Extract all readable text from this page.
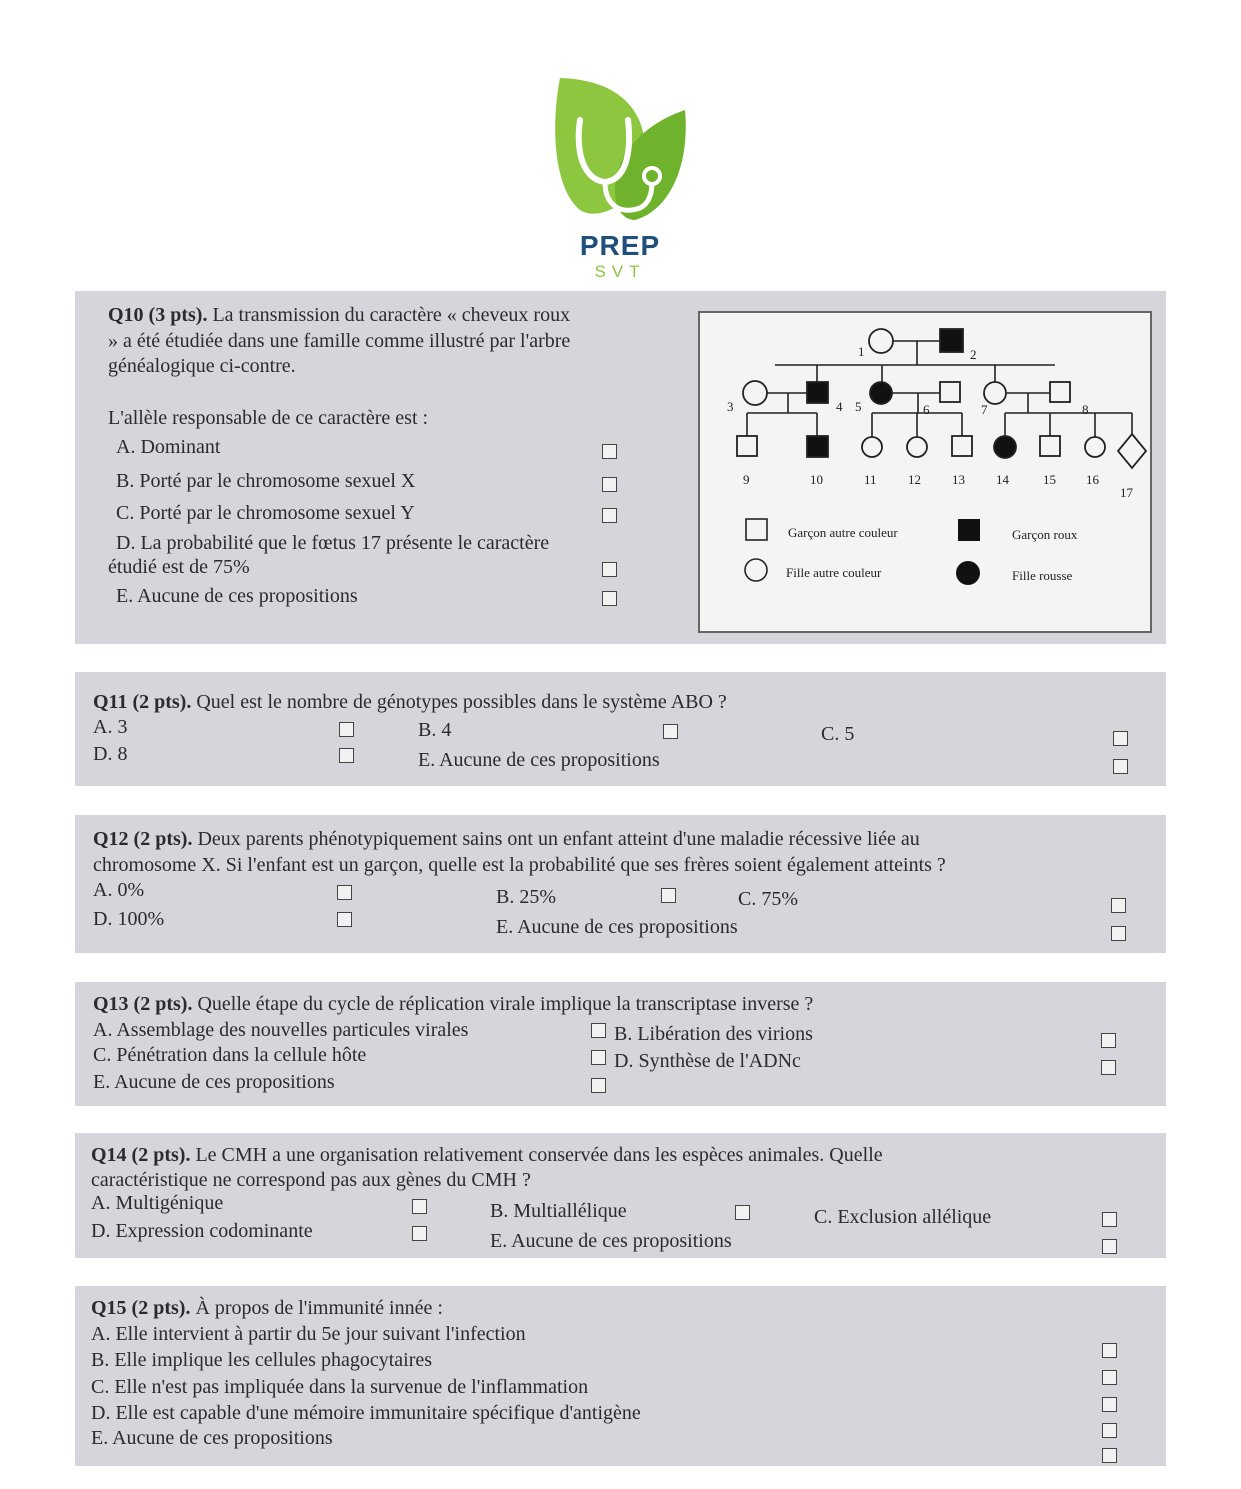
PREP
SVT
Q10 (3 pts). La transmission du caractère « cheveux roux
» a été étudiée dans une famille comme illustré par l'arbre
généalogique ci-contre.
L'allèle responsable de ce caractère est :
A. Dominant
B. Porté par le chromosome sexuel X
C. Porté par le chromosome sexuel Y
D. La probabilité que le fœtus 17 présente le caractère
étudié est de 75%
E. Aucune de ces propositions
1	2
3	4 5	6	7	8
9	10	11 12 13 14	15 16
17
Garçon autre couleur	Garçon roux
Fille autre couleur	Fille rousse
Q11 (2 pts). Quel est le nombre de génotypes possibles dans le système ABO ?
A. 3	B. 4	C. 5
D. 8	E. Aucune de ces propositions
Q12 (2 pts). Deux parents phénotypiquement sains ont un enfant atteint d'une maladie récessive liée au
chromosome X. Si l'enfant est un garçon, quelle est la probabilité que ses frères soient également atteints ?
A. 0%	B. 25%	C. 75%
D. 100%	E. Aucune de ces propositions
Q13 (2 pts). Quelle étape du cycle de réplication virale implique la transcriptase inverse ?
A. Assemblage des nouvelles particules virales	B. Libération des virions
C. Pénétration dans la cellule hôte	D. Synthèse de l'ADNc
E. Aucune de ces propositions
Q14 (2 pts). Le CMH a une organisation relativement conservée dans les espèces animales. Quelle
caractéristique ne correspond pas aux gènes du CMH ?
A. Multigénique	B. Multiallélique	C. Exclusion allélique
D. Expression codominante	E. Aucune de ces propositions
Q15 (2 pts). À propos de l'immunité innée :
A. Elle intervient à partir du 5e jour suivant l'infection
B. Elle implique les cellules phagocytaires
C. Elle n'est pas impliquée dans la survenue de l'inflammation
D. Elle est capable d'une mémoire immunitaire spécifique d'antigène
E. Aucune de ces propositions
